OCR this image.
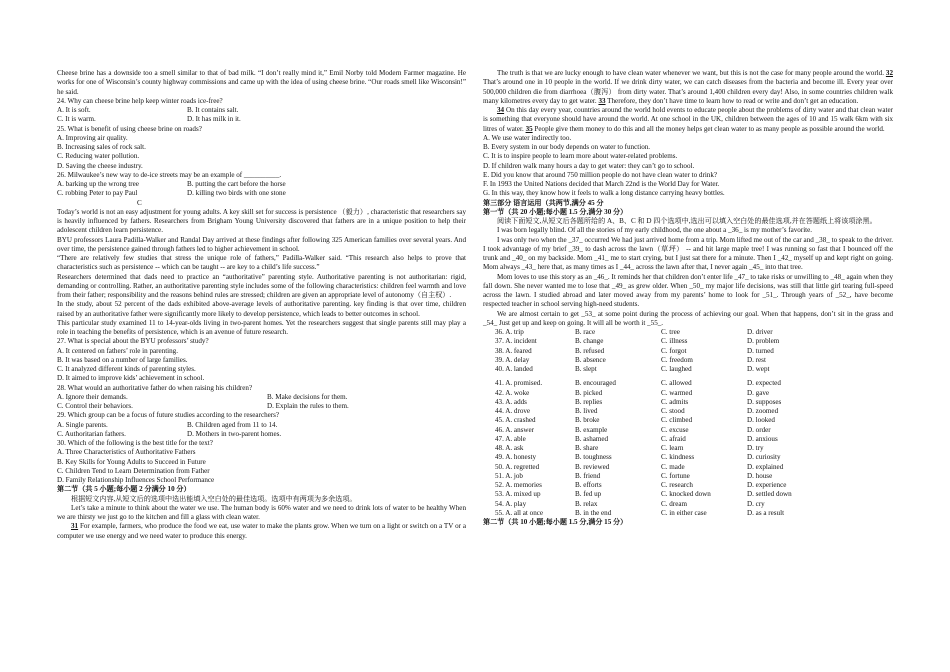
Cheese brine has a downside too a smell similar to that of bad milk. “I don’t really mind it,” Emil Norby told Modern Farmer magazine. He works for one of Wisconsin’s county highway commissions and came up with the idea of using cheese brine. “Our roads smell like Wisconsin!” he said.

24. Why can cheese brine help keep winter roads ice-free?

A. It is soft.	B. It contains salt.
C. It is warm.	D. It has milk in it.

25. What is benefit of using cheese brine on roads?

A. Improving air quality.

B. Increasing sales of rock salt.

C. Reducing water pollution.

D. Saving the cheese industry.

26. Milwaukee’s new way to de-ice streets may be an example of __________.

A. barking up the wrong tree	B. putting the cart before the horse
C. robbing Peter to pay Paul	D. killing two birds with one stone

C

Today’s world is not an easy adjustment for young adults. A key skill set for success is persistence （毅力）, characteristic that researchers say is heavily influenced by fathers. Researchers from Brigham Young University discovered that fathers are in a unique position to help their adolescent children learn persistence.

BYU professors Laura Padilla-Walker and Randal Day arrived at these findings after following 325 American families over several years. And over time, the persistence gained through fathers led to higher achievement in school.

“There are relatively few studies that stress the unique role of fathers,” Padilla-Walker said. “This research also helps to prove that characteristics such as persistence -- which can be taught -- are key to a child’s life success.”

Researchers determined that dads need to practice an “authoritative” parenting style. Authoritative parenting is not authoritarian: rigid, demanding or controlling. Rather, an authoritative parenting style includes some of the following characteristics: children feel warmth and love from their father; responsibility and the reasons behind rules are stressed; children are given an appropriate level of autonomy（自主权）.

In the study, about 52 percent of the dads exhibited above-average levels of authoritative parenting. key finding is that over time, children raised by an authoritative father were significantly more likely to develop persistence, which leads to better outcomes in school.

This particular study examined 11 to 14-year-olds living in two-parent homes. Yet the researchers suggest that single parents still may play a role in teaching the benefits of persistence, which is an avenue of future research.

27. What is special about the BYU professors’ study?

A. It centered on fathers’ role in parenting.

B. It was based on a number of large families.

C. It analyzed different kinds of parenting styles.

D. It aimed to improve kids’ achievement in school.

28. What would an authoritative father do when raising his children?

A. Ignore their demands.	B. Make decisions for them.
C. Control their behaviors.	D. Explain the rules to them.

29. Which group can be a focus of future studies according to the researchers?

A. Single parents.	B. Children aged from 11 to 14.
C. Authoritarian fathers.	D. Mothers in two-parent homes.

30. Which of the following is the best title for the text?

A. Three Characteristics of Authoritative Fathers

B. Key Skills for Young Adults to Succeed in Future

C. Children Tend to Learn Determination from Father

D. Family Relationship Influences School Performance

第二节（共 5 小题;每小题 2 分满分 10 分）

根据短文内容,从短文后的选项中选出能填入空白处的最佳选项。选项中有两项为多余选项。

Let’s take a minute to think about the water we use. The human body is 60% water and we need to drink lots of water to be healthy When we are thirsty we just go to the kitchen and fill a glass with clean water.

31 For example, farmers, who produce the food we eat, use water to make the plants grow. When we turn on a light or switch on a TV or a computer we use energy and we need water to produce this energy.

The truth is that we are lucky enough to have clean water whenever we want, but this is not the case for many people around the world. 32 That’s around one in 10 people in the world. If we drink dirty water, we can catch diseases from the bacteria and become ill. Every year over 500,000 children die from diarrhoea（腹泻） from dirty water. That’s around 1,400 children every day! Also, in some countries children walk many kilometres every day to get water. 33 Therefore, they don’t have time to learn how to read or write and don’t get an education.

34 On this day every year, countries around the world hold events to educate people about the problems of dirty water and that clean water is something that everyone should have around the world. At one school in the UK, children between the ages of 10 and 15 walk 6km with six litres of water. 35 People give them money to do this and all the money helps get clean water to as many people as possible around the world.

A. We use water indirectly too.

B. Every system in our body depends on water to function.

C. It is to inspire people to learn more about water-related problems.

D. If children walk many hours a day to get water: they can’t go to school.

E. Did you know that around 750 million people do not have clean water to drink?

F. In 1993 the United Nations decided that March 22nd is the World Day for Water.

G. In this way, they know how it feels to walk a long distance carrying heavy bottles.

第三部分 语言运用（共两节,满分 45 分

第一节（共 20 小题;每小题 1.5 分,满分 30 分）

阅读下面短文,从短文后各题所给的 A、B、C 和 D 四个选项中,选出可以填入空白处的最佳选项,并在答题纸上将该项涂黑。

I was born legally blind. Of all the stories of my early childhood, the one about a _36_ is my mother’s favorite.

I was only two when the _37_ occurred We had just arrived home from a trip. Mom lifted me out of the car and _38_ to speak to the driver. I took advantage of my brief _39_ to dash across the lawn（草坪） -- and hit large maple tree! I was running so fast that I bounced off the trunk and _40_ on my backside. Mom _41_ me to start crying, but I just sat there for a minute. Then I _42_ myself up and kept right on going. Mom always _43_ here that, as many times as I _44_ across the lawn after that, I never again _45_ into that tree.

Mom loves to use this story as an _46_. It reminds her that children don’t enter life _47_ to take risks or unwilling to _48_ again when they fall down. She never wanted me to lose that _49_ as grew older. When _50_ my major life decisions, was still that little girl tearing full-speed across the lawn. I studied abroad and later moved away from my parents’ home to look for _51_. Through years of _52_, have become respected teacher in school serving high-need students.

We are almost certain to get _53_ at some point during the process of achieving our goal. When that happens, don’t sit in the grass and _54_ Just get up and keep on going. It will all be worth it _55_.

36. A. trip	B. race	C. tree	D. driver
37. A. incident	B. change	C. illness	D. problem
38. A. feared	B. refused	C. forgot	D. turned
39. A. delay	B. absence	C. freedom	D. rest
40. A. landed	B. slept	C. laughed	D. wept
41. A. promised.	B. encouraged	C. allowed	D. expected
42. A. woke	B. picked	C. warmed	D. gave
43. A. adds	B. replies	C. admits	D. supposes
44. A. drove	B. lived	C. stood	D. zoomed
45. A. crashed	B. broke	C. climbed	D. looked
46. A. answer	B. example	C. excuse	D. order
47. A. able	B. ashamed	C. afraid	D. anxious
48. A. ask	B. share	C. learn	D. try
49. A. honesty	B. toughness	C. kindness	D. curiosity
50. A. regretted	B. reviewed	C. made	D. explained
51. A. job	B. friend	C. fortune	D. house
52. A. memories	B. efforts	C. research	D. experience
53. A. mixed up	B. fed up	C. knocked down	D. settled down
54. A. play	B. relax	C. dream	D. cry
55. A. all at once	B. in the end	C. in either case	D. as a result

第二节（共 10 小题;每小题 1.5 分,满分 15 分）
